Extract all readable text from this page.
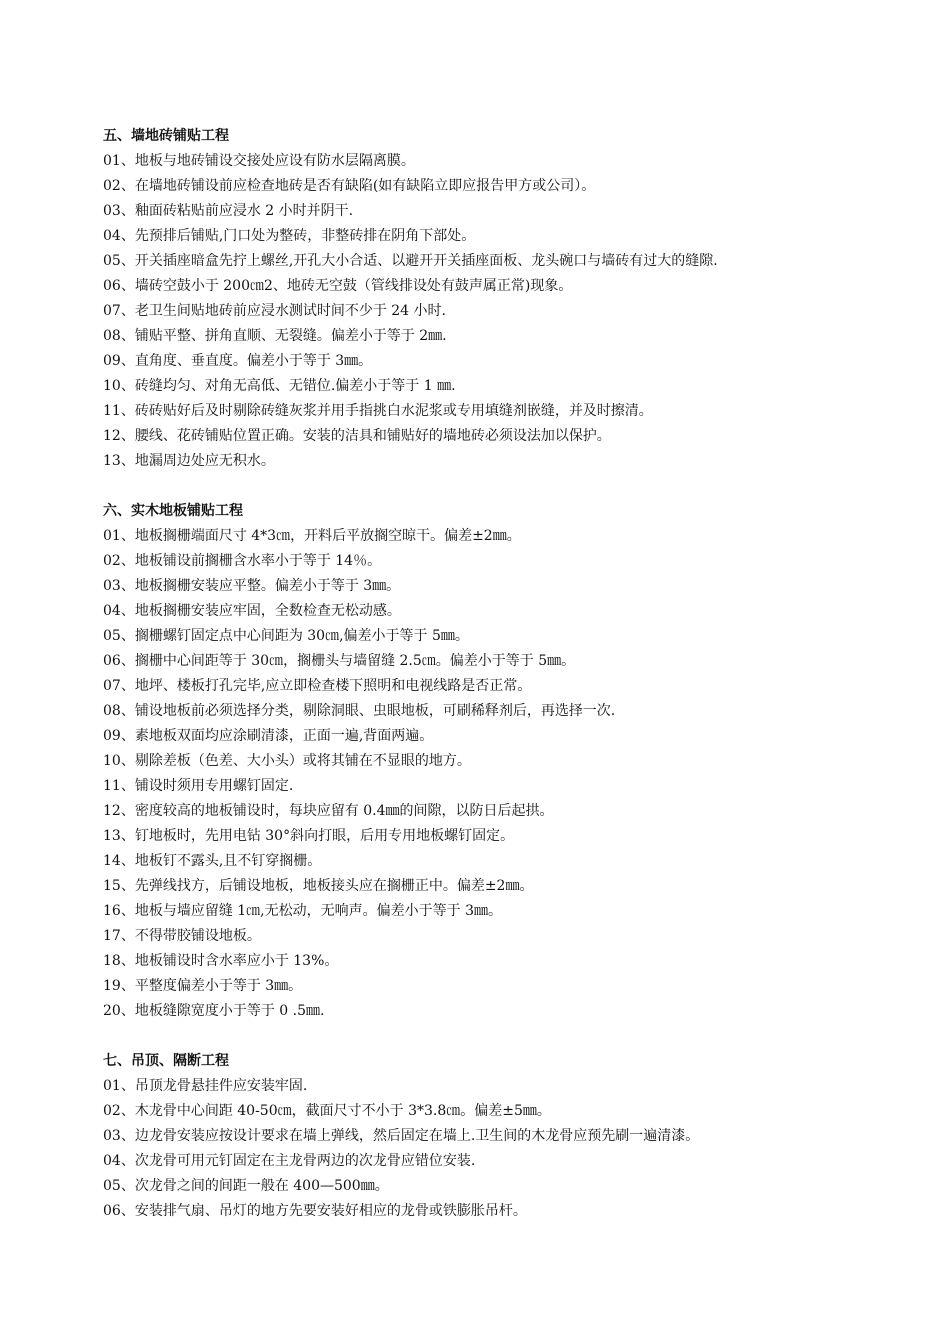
五、墙地砖铺贴工程
01、地板与地砖铺设交接处应设有防水层隔离膜。
02、在墙地砖铺设前应检查地砖是否有缺陷(如有缺陷立即应报告甲方或公司）。
03、釉面砖粘贴前应浸水 2 小时并阴干.
04、先预排后铺贴,门口处为整砖，非整砖排在阴角下部处。
05、开关插座暗盒先拧上螺丝,开孔大小合适、以避开开关插座面板、龙头碗口与墙砖有过大的缝隙.
06、墙砖空鼓小于 200㎝2、地砖无空鼓（管线排设处有鼓声属正常)现象。
07、老卫生间贴地砖前应浸水测试时间不少于 24 小时.
08、铺贴平整、拼角直顺、无裂缝。偏差小于等于 2㎜.
09、直角度、垂直度。偏差小于等于 3㎜。
10、砖缝均匀、对角无高低、无错位.偏差小于等于 1 ㎜.
11、砖砖贴好后及时剔除砖缝灰浆并用手指挑白水泥浆或专用填缝剂嵌缝，并及时擦清。
12、腰线、花砖铺贴位置正确。安装的洁具和铺贴好的墙地砖必须设法加以保护。
13、地漏周边处应无积水。
六、实木地板铺贴工程
01、地板搁栅端面尺寸 4*3㎝，开料后平放搁空晾干。偏差±2㎜。
02、地板铺设前搁栅含水率小于等于 14％。
03、地板搁栅安装应平整。偏差小于等于 3㎜。
04、地板搁栅安装应牢固，全数检查无松动感。
05、搁栅螺钉固定点中心间距为 30㎝,偏差小于等于 5㎜。
06、搁栅中心间距等于 30㎝，搁栅头与墙留缝 2.5㎝。偏差小于等于 5㎜。
07、地坪、楼板打孔完毕,应立即检查楼下照明和电视线路是否正常。
08、铺设地板前必须选择分类，剔除洞眼、虫眼地板，可刷稀释剂后，再选择一次.
09、素地板双面均应涂刷清漆，正面一遍,背面两遍。
10、剔除差板（色差、大小头）或将其铺在不显眼的地方。
11、铺设时须用专用螺钉固定.
12、密度较高的地板铺设时，每块应留有 0.4㎜的间隙，以防日后起拱。
13、钉地板时，先用电钻 30°斜向打眼，后用专用地板螺钉固定。
14、地板钉不露头,且不钉穿搁栅。
15、先弹线找方，后铺设地板，地板接头应在搁栅正中。偏差±2㎜。
16、地板与墙应留缝 1㎝,无松动，无响声。偏差小于等于 3㎜。
17、不得带胶铺设地板。
18、地板铺设时含水率应小于 13%。
19、平整度偏差小于等于 3㎜。
20、地板缝隙宽度小于等于 0 .5㎜.
七、吊顶、隔断工程
01、吊顶龙骨悬挂件应安装牢固.
02、木龙骨中心间距 40-50㎝，截面尺寸不小于 3*3.8㎝。偏差±5㎜。
03、边龙骨安装应按设计要求在墙上弹线，然后固定在墙上.卫生间的木龙骨应预先刷一遍清漆。
04、次龙骨可用元钉固定在主龙骨两边的次龙骨应错位安装.
05、次龙骨之间的间距一般在 400—500㎜。
06、安装排气扇、吊灯的地方先要安装好相应的龙骨或铁膨胀吊杆。
